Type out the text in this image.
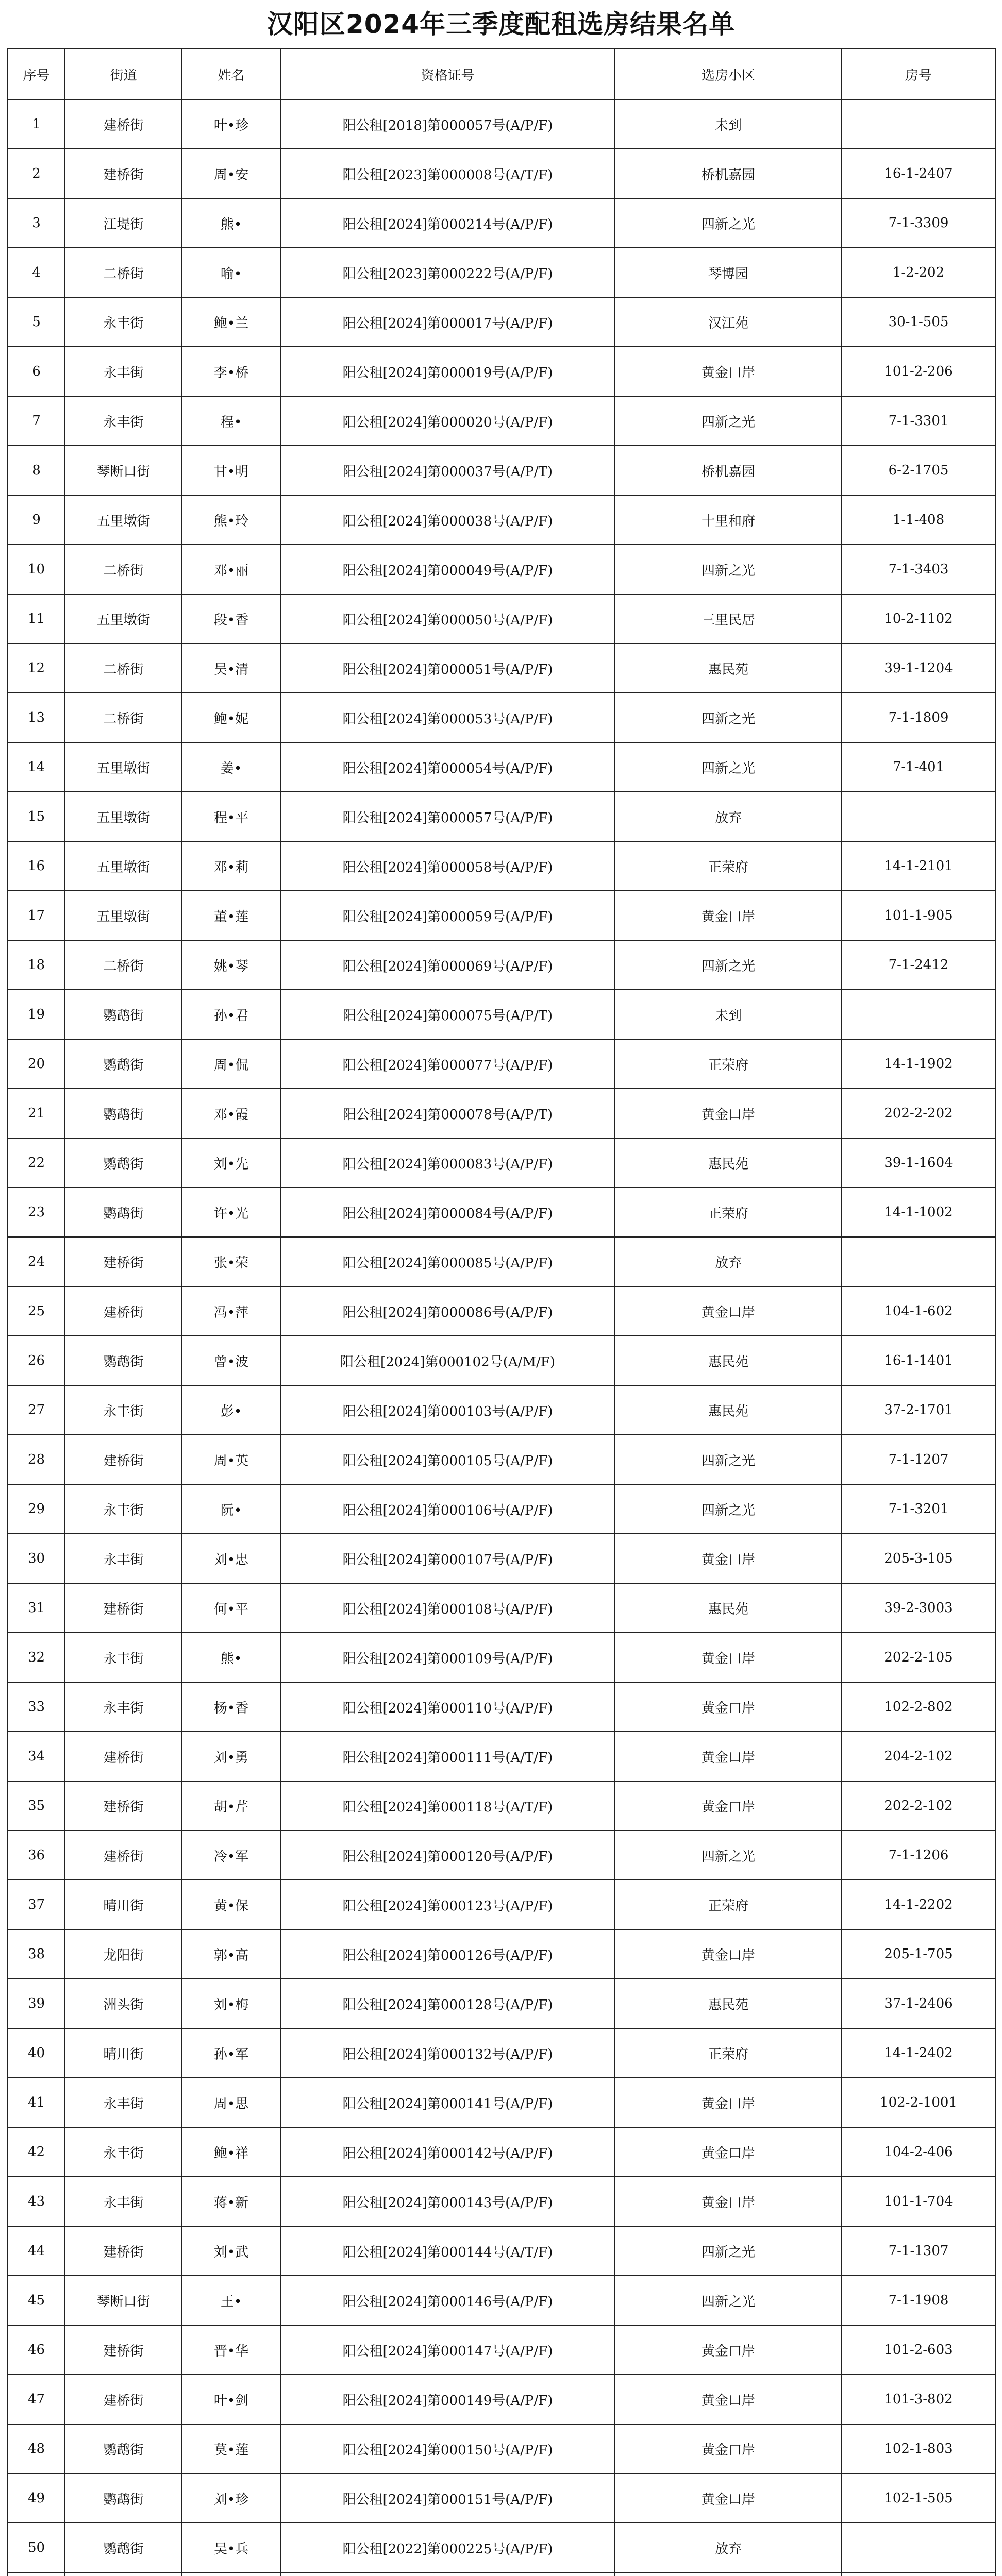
汉阳区2024年三季度配租选房结果名单
序号	街道	姓名	资格证号	选房小区	房号
1	建桥街	叶•珍	阳公租[2018]第000057号(A/P/F)	未到	
2	建桥街	周•安	阳公租[2023]第000008号(A/T/F)	桥机嘉园	16-1-2407
3	江堤街	熊•	阳公租[2024]第000214号(A/P/F)	四新之光	7-1-3309
4	二桥街	喻•	阳公租[2023]第000222号(A/P/F)	琴博园	1-2-202
5	永丰街	鲍•兰	阳公租[2024]第000017号(A/P/F)	汉江苑	30-1-505
6	永丰街	李•桥	阳公租[2024]第000019号(A/P/F)	黄金口岸	101-2-206
7	永丰街	程•	阳公租[2024]第000020号(A/P/F)	四新之光	7-1-3301
8	琴断口街	甘•明	阳公租[2024]第000037号(A/P/T)	桥机嘉园	6-2-1705
9	五里墩街	熊•玲	阳公租[2024]第000038号(A/P/F)	十里和府	1-1-408
10	二桥街	邓•丽	阳公租[2024]第000049号(A/P/F)	四新之光	7-1-3403
11	五里墩街	段•香	阳公租[2024]第000050号(A/P/F)	三里民居	10-2-1102
12	二桥街	吴•清	阳公租[2024]第000051号(A/P/F)	惠民苑	39-1-1204
13	二桥街	鲍•妮	阳公租[2024]第000053号(A/P/F)	四新之光	7-1-1809
14	五里墩街	姜•	阳公租[2024]第000054号(A/P/F)	四新之光	7-1-401
15	五里墩街	程•平	阳公租[2024]第000057号(A/P/F)	放弃	
16	五里墩街	邓•莉	阳公租[2024]第000058号(A/P/F)	正荣府	14-1-2101
17	五里墩街	董•莲	阳公租[2024]第000059号(A/P/F)	黄金口岸	101-1-905
18	二桥街	姚•琴	阳公租[2024]第000069号(A/P/F)	四新之光	7-1-2412
19	鹦鹉街	孙•君	阳公租[2024]第000075号(A/P/T)	未到	
20	鹦鹉街	周•侃	阳公租[2024]第000077号(A/P/F)	正荣府	14-1-1902
21	鹦鹉街	邓•霞	阳公租[2024]第000078号(A/P/T)	黄金口岸	202-2-202
22	鹦鹉街	刘•先	阳公租[2024]第000083号(A/P/F)	惠民苑	39-1-1604
23	鹦鹉街	许•光	阳公租[2024]第000084号(A/P/F)	正荣府	14-1-1002
24	建桥街	张•荣	阳公租[2024]第000085号(A/P/F)	放弃	
25	建桥街	冯•萍	阳公租[2024]第000086号(A/P/F)	黄金口岸	104-1-602
26	鹦鹉街	曾•波	阳公租[2024]第000102号(A/M/F)	惠民苑	16-1-1401
27	永丰街	彭•	阳公租[2024]第000103号(A/P/F)	惠民苑	37-2-1701
28	建桥街	周•英	阳公租[2024]第000105号(A/P/F)	四新之光	7-1-1207
29	永丰街	阮•	阳公租[2024]第000106号(A/P/F)	四新之光	7-1-3201
30	永丰街	刘•忠	阳公租[2024]第000107号(A/P/F)	黄金口岸	205-3-105
31	建桥街	何•平	阳公租[2024]第000108号(A/P/F)	惠民苑	39-2-3003
32	永丰街	熊•	阳公租[2024]第000109号(A/P/F)	黄金口岸	202-2-105
33	永丰街	杨•香	阳公租[2024]第000110号(A/P/F)	黄金口岸	102-2-802
34	建桥街	刘•勇	阳公租[2024]第000111号(A/T/F)	黄金口岸	204-2-102
35	建桥街	胡•芹	阳公租[2024]第000118号(A/T/F)	黄金口岸	202-2-102
36	建桥街	冷•军	阳公租[2024]第000120号(A/P/F)	四新之光	7-1-1206
37	晴川街	黄•保	阳公租[2024]第000123号(A/P/F)	正荣府	14-1-2202
38	龙阳街	郭•高	阳公租[2024]第000126号(A/P/F)	黄金口岸	205-1-705
39	洲头街	刘•梅	阳公租[2024]第000128号(A/P/F)	惠民苑	37-1-2406
40	晴川街	孙•军	阳公租[2024]第000132号(A/P/F)	正荣府	14-1-2402
41	永丰街	周•思	阳公租[2024]第000141号(A/P/F)	黄金口岸	102-2-1001
42	永丰街	鲍•祥	阳公租[2024]第000142号(A/P/F)	黄金口岸	104-2-406
43	永丰街	蒋•新	阳公租[2024]第000143号(A/P/F)	黄金口岸	101-1-704
44	建桥街	刘•武	阳公租[2024]第000144号(A/T/F)	四新之光	7-1-1307
45	琴断口街	王•	阳公租[2024]第000146号(A/P/F)	四新之光	7-1-1908
46	建桥街	晋•华	阳公租[2024]第000147号(A/P/F)	黄金口岸	101-2-603
47	建桥街	叶•剑	阳公租[2024]第000149号(A/P/F)	黄金口岸	101-3-802
48	鹦鹉街	莫•莲	阳公租[2024]第000150号(A/P/F)	黄金口岸	102-1-803
49	鹦鹉街	刘•珍	阳公租[2024]第000151号(A/P/F)	黄金口岸	102-1-505
50	鹦鹉街	吴•兵	阳公租[2022]第000225号(A/P/F)	放弃	
